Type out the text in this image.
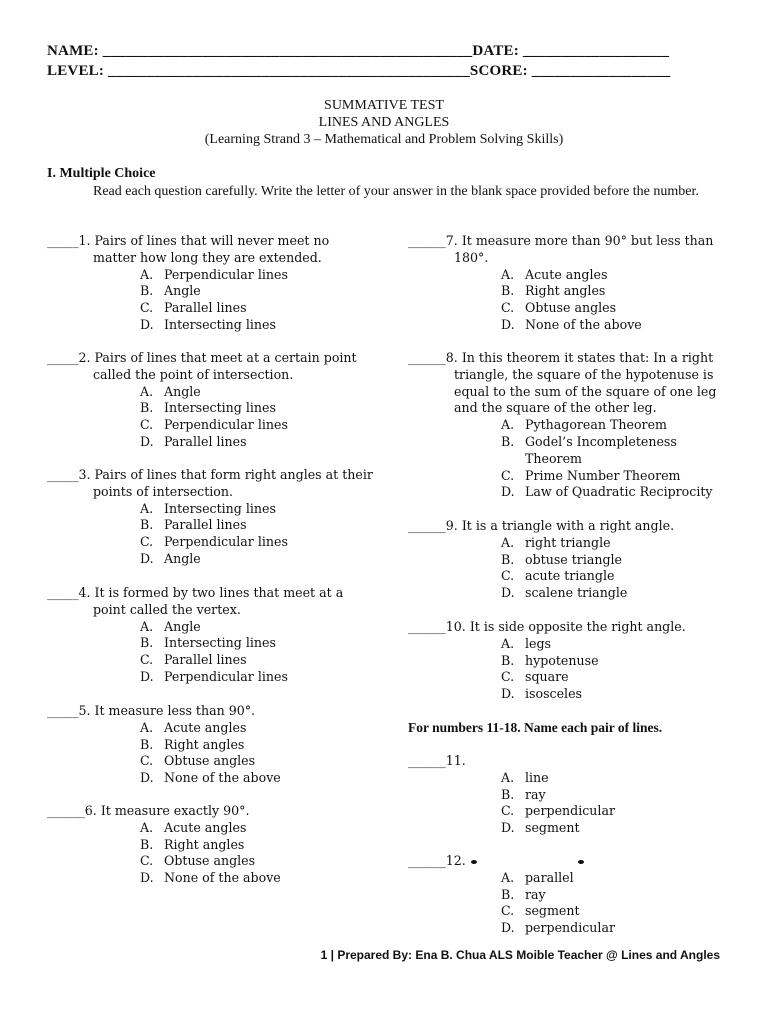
NAME: ________________________________________________DATE: ___________________
LEVEL: _______________________________________________SCORE: __________________
SUMMATIVE TEST
LINES AND ANGLES
(Learning Strand 3 – Mathematical and Problem Solving Skills)
I. Multiple Choice
Read each question carefully. Write the letter of your answer in the blank space provided before the number.
_____ 1. Pairs of lines that will never meet no
matter how long they are extended.
A. Perpendicular lines
B. Angle
C. Parallel lines
D. Intersecting lines
_____ 2. Pairs of lines that meet at a certain point
called the point of intersection.
A. Angle
B. Intersecting lines
C. Perpendicular lines
D. Parallel lines
_____ 3. Pairs of lines that form right angles at their
points of intersection.
A. Intersecting lines
B. Parallel lines
C. Perpendicular lines
D. Angle
_____ 4. It is formed by two lines that meet at a
point called the vertex.
A. Angle
B. Intersecting lines
C. Parallel lines
D. Perpendicular lines
_____ 5. It measure less than 90°.
A. Acute angles
B. Right angles
C. Obtuse angles
D. None of the above
______ 6. It measure exactly 90°.
A. Acute angles
B. Right angles
C. Obtuse angles
D. None of the above
______ 7. It measure more than 90° but less than
180°.
A. Acute angles
B. Right angles
C. Obtuse angles
D. None of the above
______ 8. In this theorem it states that: In a right
triangle, the square of the hypotenuse is
equal to the sum of the square of one leg
and the square of the other leg.
A. Pythagorean Theorem
B. Godel’s Incompleteness Theorem
C. Prime Number Theorem
D. Law of Quadratic Reciprocity
______ 9. It is a triangle with a right angle.
A. right triangle
B. obtuse triangle
C. acute triangle
D. scalene triangle
______ 10. It is side opposite the right angle.
A. legs
B. hypotenuse
C. square
D. isosceles
For numbers 11-18. Name each pair of lines.
______ 11.
A. line
B. ray
C. perpendicular
D. segment
______ 12.
A. parallel
B. ray
C. segment
D. perpendicular
1 | Prepared By: Ena B. Chua ALS Moible Teacher @ Lines and Angles
